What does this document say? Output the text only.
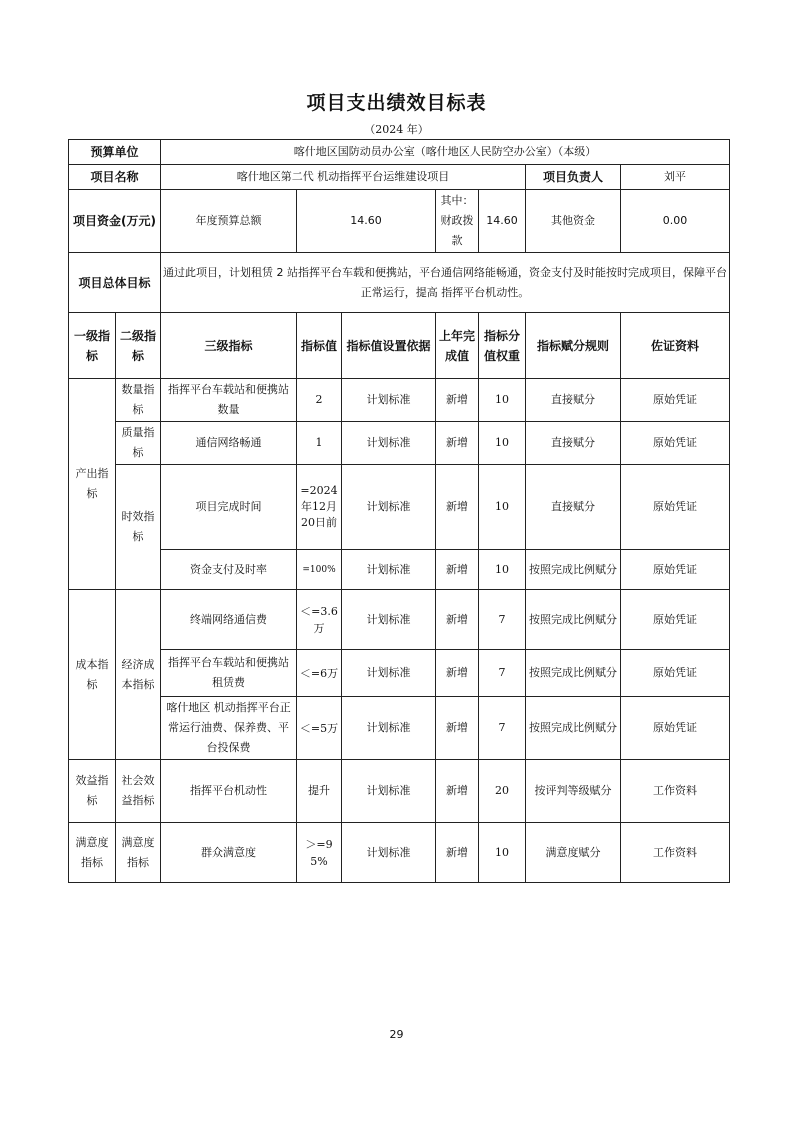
项目支出绩效目标表
（2024 年）
预算单位		喀什地区国防动员办公室（喀什地区人民防空办公室）（本级）						
项目名称		喀什地区第二代 机动指挥平台运维建设项目					项目负责人	刘平
项目资金(万元)		年度预算总额	14.60		其中：财政拨款	14.60	其他资金	0.00
项目总体目标		通过此项目，计划租赁 2 站指挥平台车载和便携站，平台通信网络能畅通，资金支付及时能按时完成项目，保障平台正常运行，提高 指挥平台机动性。						
一级指标	二级指标	三级指标	指标值	指标值设置依据	上年完成值	指标分值权重	指标赋分规则	佐证资料
产出指标	数量指标	指挥平台车载站和便携站数量	2	计划标准	新增	10	直接赋分	原始凭证
	质量指标	通信网络畅通	1	计划标准	新增	10	直接赋分	原始凭证
	时效指标	项目完成时间	=2024年12月20日前	计划标准	新增	10	直接赋分	原始凭证
		资金支付及时率	=100%	计划标准	新增	10	按照完成比例赋分	原始凭证
成本指标	经济成本指标	终端网络通信费	＜=3.6万	计划标准	新增	7	按照完成比例赋分	原始凭证
		指挥平台车载站和便携站租赁费	＜=6万	计划标准	新增	7	按照完成比例赋分	原始凭证
		喀什地区 机动指挥平台正常运行油费、保养费、平台投保费	＜=5万	计划标准	新增	7	按照完成比例赋分	原始凭证
效益指标	社会效益指标	指挥平台机动性	提升	计划标准	新增	20	按评判等级赋分	工作资料
满意度指标	满意度指标	群众满意度	＞=95%	计划标准	新增	10	满意度赋分	工作资料
29
